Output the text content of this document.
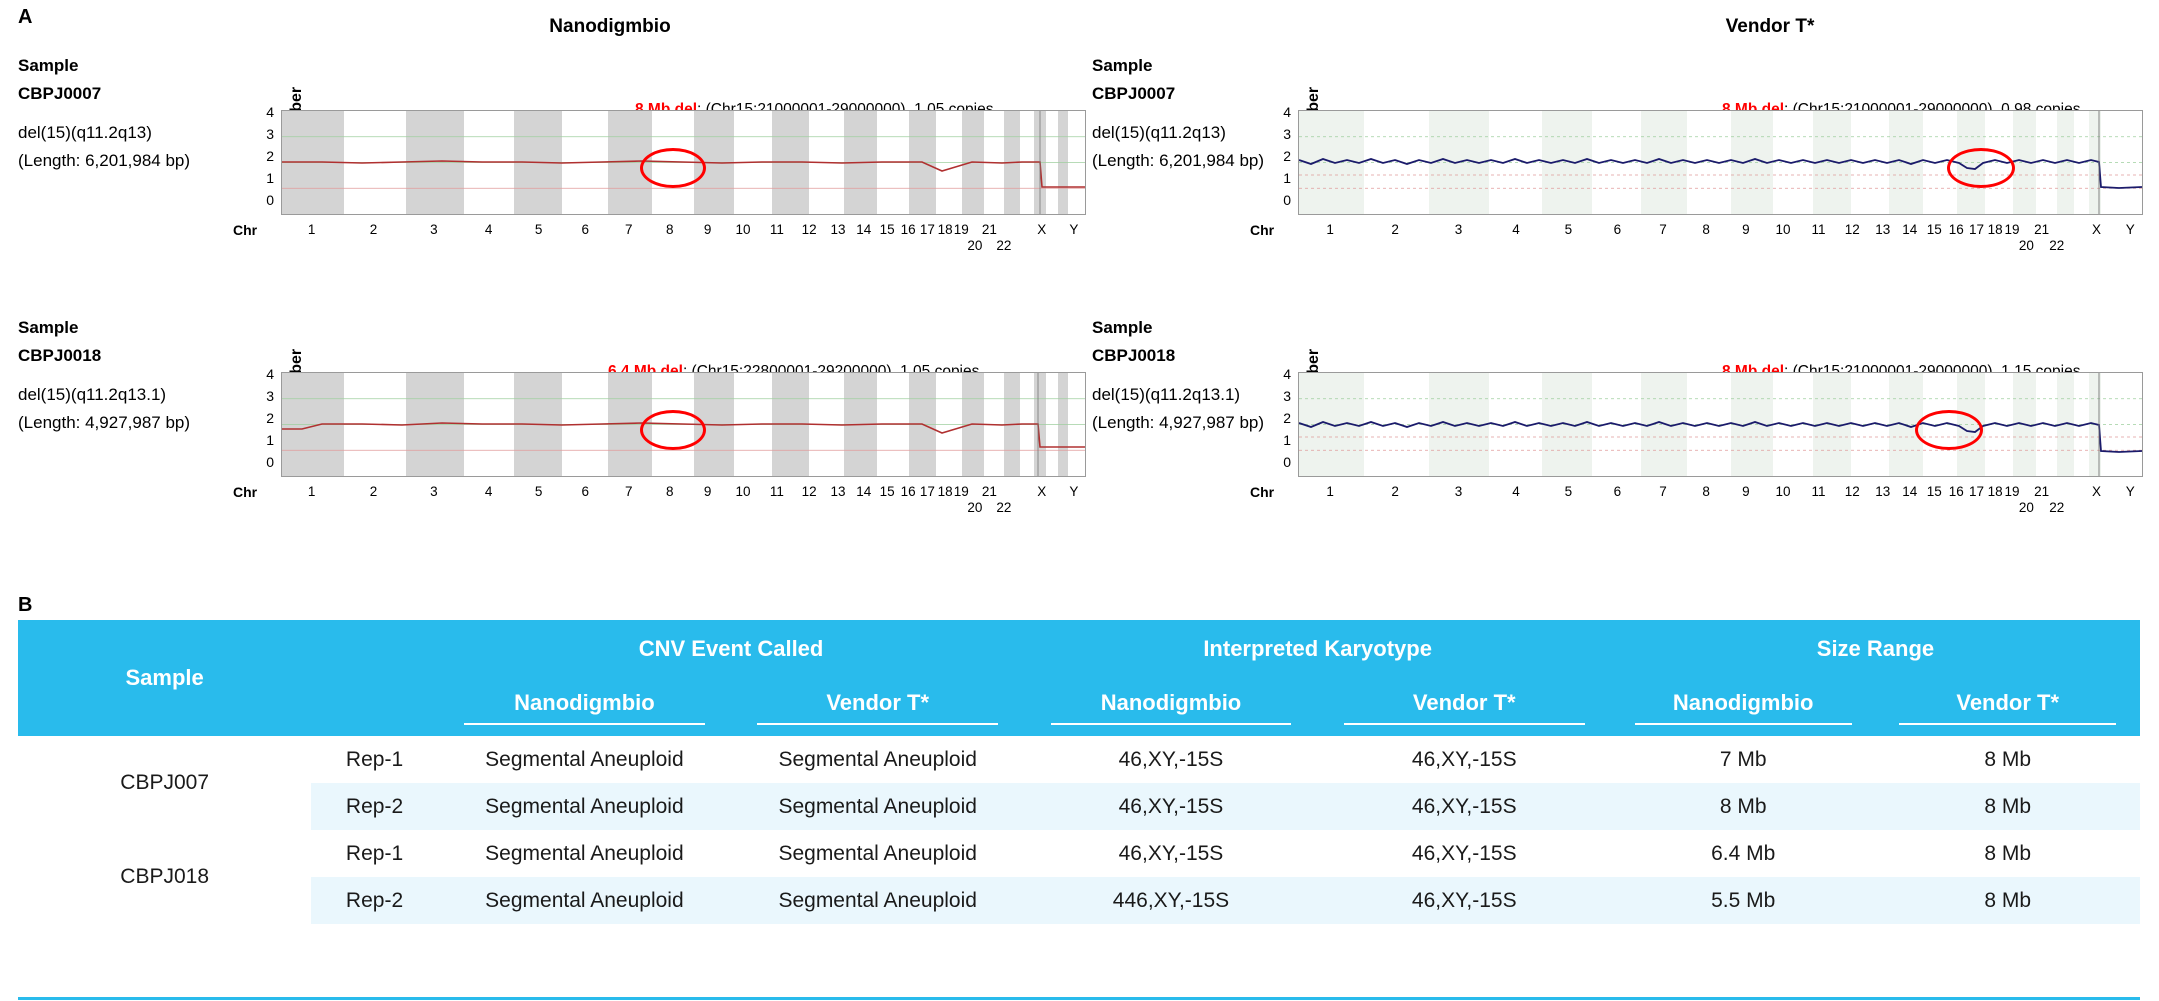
A
B
Nanodigmbio	Vendor T*
Sample
CBPJ0007
del(15)(q11.2q13)
(Length: 6,201,984 bp)
4
3
2
1
0
Chr	1	2	3	4	5	6	7 8 9 10 11 12 13 14 15 16 17 18 19
20
21
22
X Y
Sample
CBPJ0007
del(15)(q11.2q13)
(Length: 6,201,984 bp)
4
3
2
1
0
Chr	1	2	3	4	5	6	7	8 9 10 11 12 13 14 15 16 17 18 19
20
21
22
X Y
Sample
CBPJ0018
del(15)(q11.2q13.1)
(Length: 4,927,987 bp)
4
3
2
1
0
Chr	1	2	3	4	5	6	7 8 9 10 11 12 13 14 15 16 17 18 19
20
21
22
X Y
Sample
CBPJ0018
del(15)(q11.2q13.1)
(Length: 4,927,987 bp)
4
3
2
1
0
Chr	1	2	3	4	5	6	7	8 9 10 11 12 13 14 15 16 17 18 19
20
21
22
X Y
Sample		CNV Event Called		Interpreted Karyotype		Size Range	

		Nanodigmbio	Vendor T*	Nanodigmbio	Vendor T*	Nanodigmbio	Vendor T*

CBPJ007	Rep-1	Segmental Aneuploid	Segmental Aneuploid	46,XY,-15S	46,XY,-15S	7 Mb	8 Mb
	Rep-2	Segmental Aneuploid	Segmental Aneuploid	46,XY,-15S	46,XY,-15S	8 Mb	8 Mb
CBPJ018	Rep-1	Segmental Aneuploid	Segmental Aneuploid	46,XY,-15S	46,XY,-15S	6.4 Mb	8 Mb
	Rep-2	Segmental Aneuploid	Segmental Aneuploid	446,XY,-15S	46,XY,-15S	5.5 Mb	8 Mb
